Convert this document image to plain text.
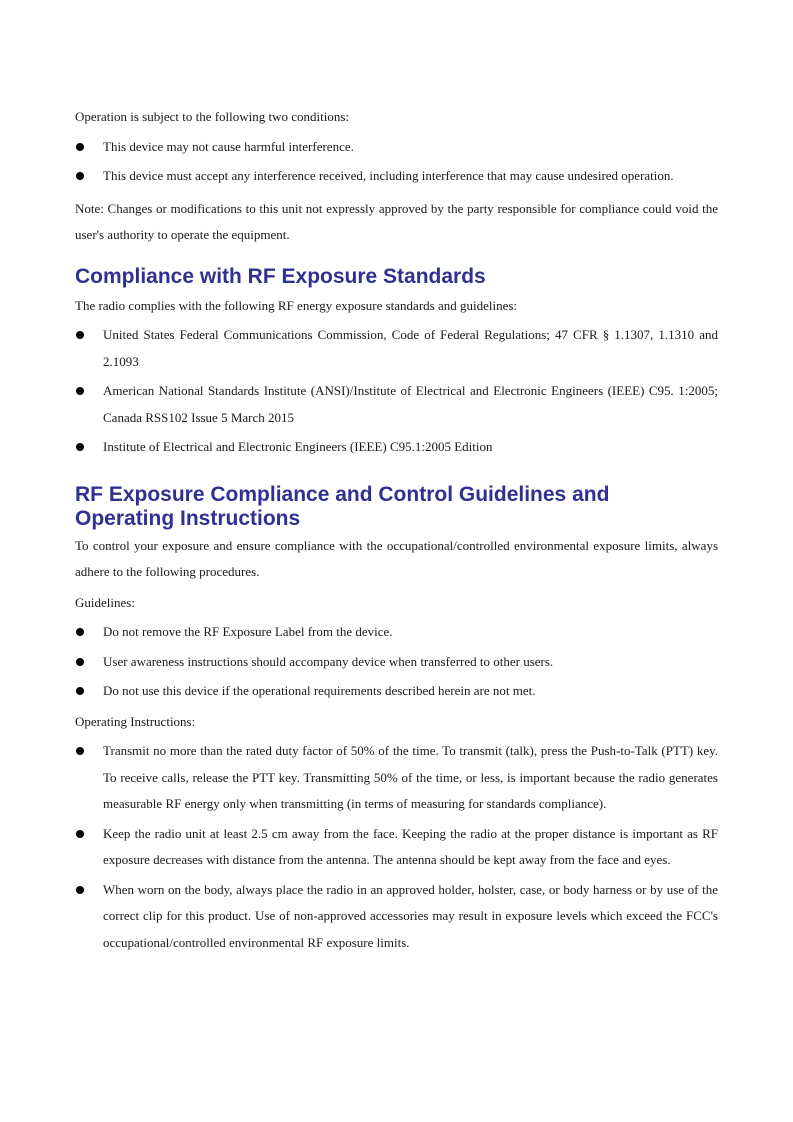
Operation is subject to the following two conditions:

This device may not cause harmful interference.
This device must accept any interference received, including interference that may cause undesired operation.

Note: Changes or modifications to this unit not expressly approved by the party responsible for compliance could void the user's authority to operate the equipment.

Compliance with RF Exposure Standards

The radio complies with the following RF energy exposure standards and guidelines:

United States Federal Communications Commission, Code of Federal Regulations; 47 CFR § 1.1307, 1.1310 and 2.1093
American National Standards Institute (ANSI)/Institute of Electrical and Electronic Engineers (IEEE) C95. 1:2005; Canada RSS102 Issue 5 March 2015
Institute of Electrical and Electronic Engineers (IEEE) C95.1:2005 Edition
RF Exposure Compliance and Control Guidelines and
Operating Instructions

To control your exposure and ensure compliance with the occupational/controlled environmental exposure limits, always adhere to the following procedures.

Guidelines:

Do not remove the RF Exposure Label from the device.
User awareness instructions should accompany device when transferred to other users.
Do not use this device if the operational requirements described herein are not met.

Operating Instructions:

Transmit no more than the rated duty factor of 50% of the time. To transmit (talk), press the Push-to-Talk (PTT) key. To receive calls, release the PTT key. Transmitting 50% of the time, or less, is important because the radio generates measurable RF energy only when transmitting (in terms of measuring for standards compliance).
Keep the radio unit at least 2.5 cm away from the face. Keeping the radio at the proper distance is important as RF exposure decreases with distance from the antenna. The antenna should be kept away from the face and eyes.
When worn on the body, always place the radio in an approved holder, holster, case, or body harness or by use of the correct clip for this product. Use of non-approved accessories may result in exposure levels which exceed the FCC's occupational/controlled environmental RF exposure limits.
